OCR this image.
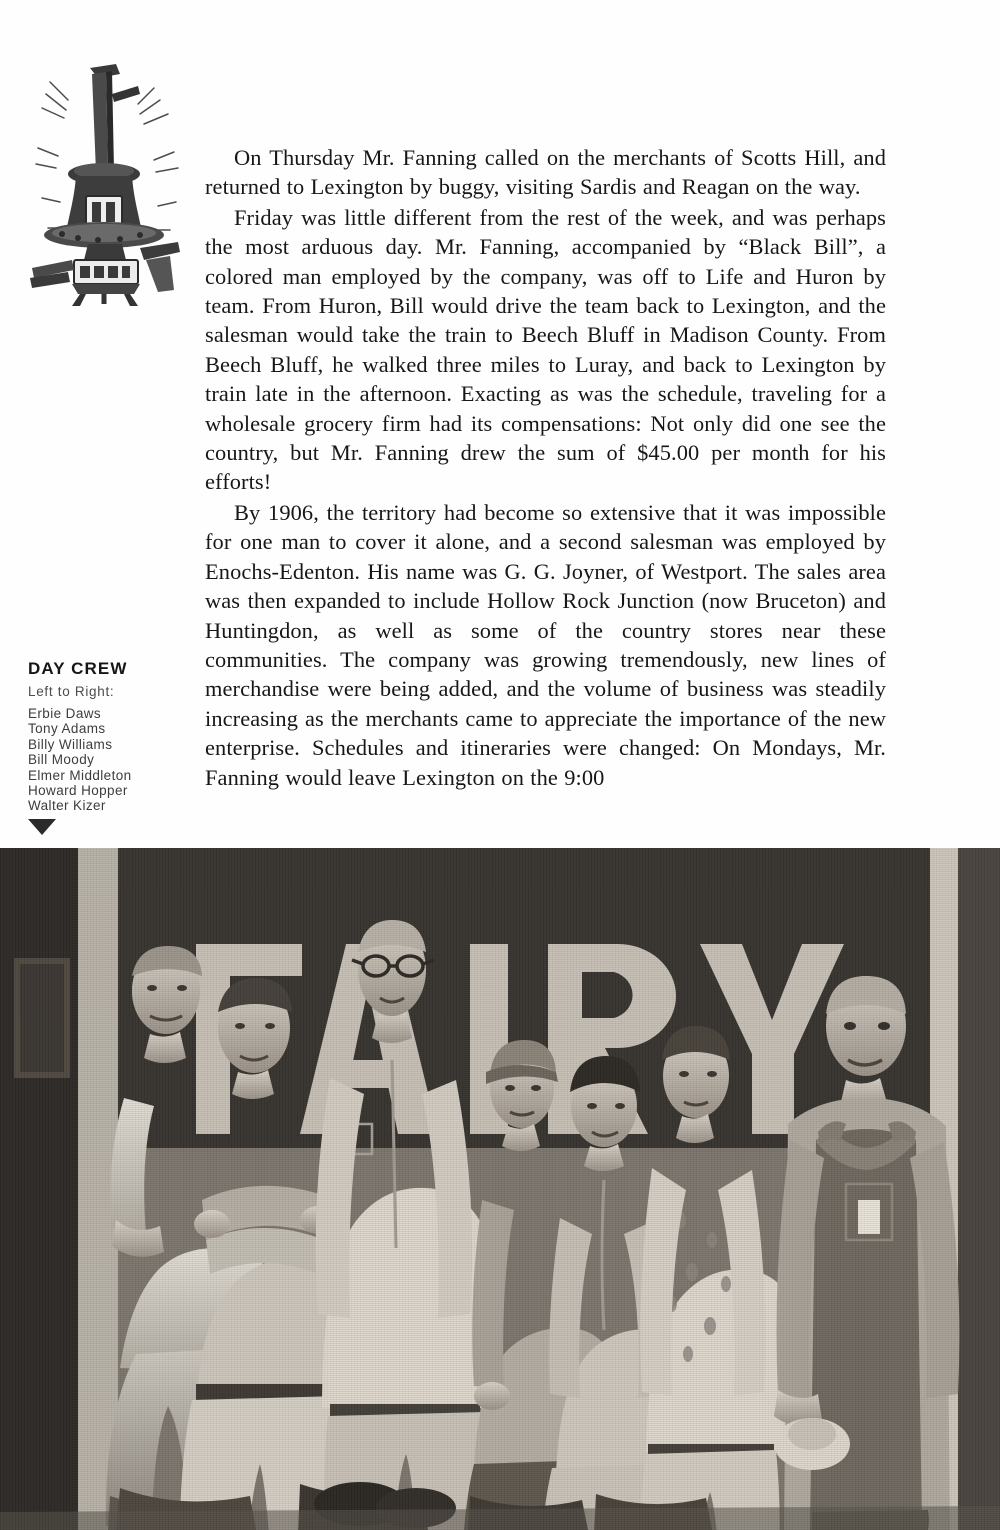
On Thursday Mr. Fanning called on the merchants of Scotts Hill, and returned to Lexington by buggy, visiting Sardis and Reagan on the way.

Friday was little different from the rest of the week, and was perhaps the most arduous day. Mr. Fanning, accompanied by “Black Bill”, a colored man employed by the company, was off to Life and Huron by team. From Huron, Bill would drive the team back to Lexington, and the salesman would take the train to Beech Bluff in Madison County. From Beech Bluff, he walked three miles to Luray, and back to Lexington by train late in the afternoon. Exacting as was the schedule, traveling for a wholesale grocery firm had its compensations: Not only did one see the country, but Mr. Fanning drew the sum of $45.00 per month for his efforts!

By 1906, the territory had become so extensive that it was impossible for one man to cover it alone, and a second salesman was employed by Enochs-Edenton. His name was G. G. Joyner, of Westport. The sales area was then expanded to include Hollow Rock Junction (now Bruceton) and Huntingdon, as well as some of the country stores near these communities. The company was growing tremendously, new lines of merchandise were being added, and the volume of business was steadily increasing as the merchants came to appreciate the importance of the new enterprise. Schedules and itineraries were changed: On Mondays, Mr. Fanning would leave Lexington on the 9:00

DAY CREW
Left to Right:
Erbie Daws
Tony Adams
Billy Williams
Bill Moody
Elmer Middleton
Howard Hopper
Walter Kizer
